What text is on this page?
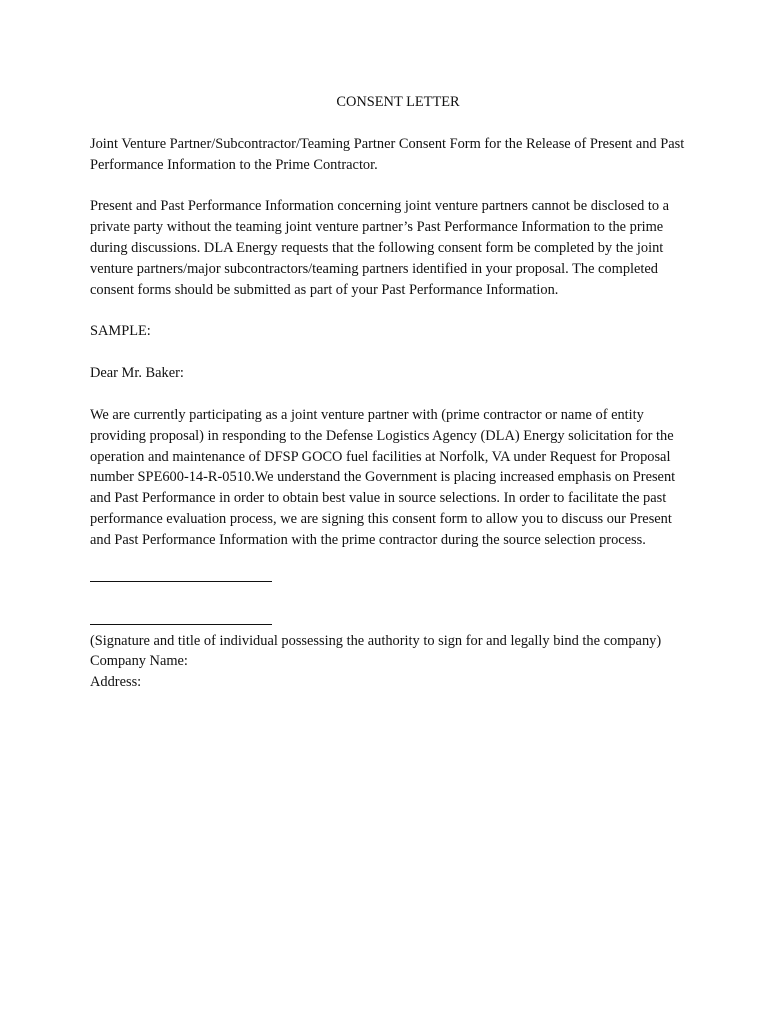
CONSENT LETTER

Joint Venture Partner/Subcontractor/Teaming Partner Consent Form for the Release of Present and Past Performance Information to the Prime Contractor.

Present and Past Performance Information concerning joint venture partners cannot be disclosed to a private party without the teaming joint venture partner’s Past Performance Information to the prime during discussions. DLA Energy requests that the following consent form be completed by the joint venture partners/major subcontractors/teaming partners identified in your proposal. The completed consent forms should be submitted as part of your Past Performance Information.

SAMPLE:

Dear Mr. Baker:

We are currently participating as a joint venture partner with (prime contractor or name of entity providing proposal) in responding to the Defense Logistics Agency (DLA) Energy solicitation for the operation and maintenance of DFSP GOCO fuel facilities at Norfolk, VA under Request for Proposal number SPE600-14-R-0510.We understand the Government is placing increased emphasis on Present and Past Performance in order to obtain best value in source selections. In order to facilitate the past performance evaluation process, we are signing this consent form to allow you to discuss our Present and Past Performance Information with the prime contractor during the source selection process.

(Signature and title of individual possessing the authority to sign for and legally bind the company)
Company Name:
Address:
